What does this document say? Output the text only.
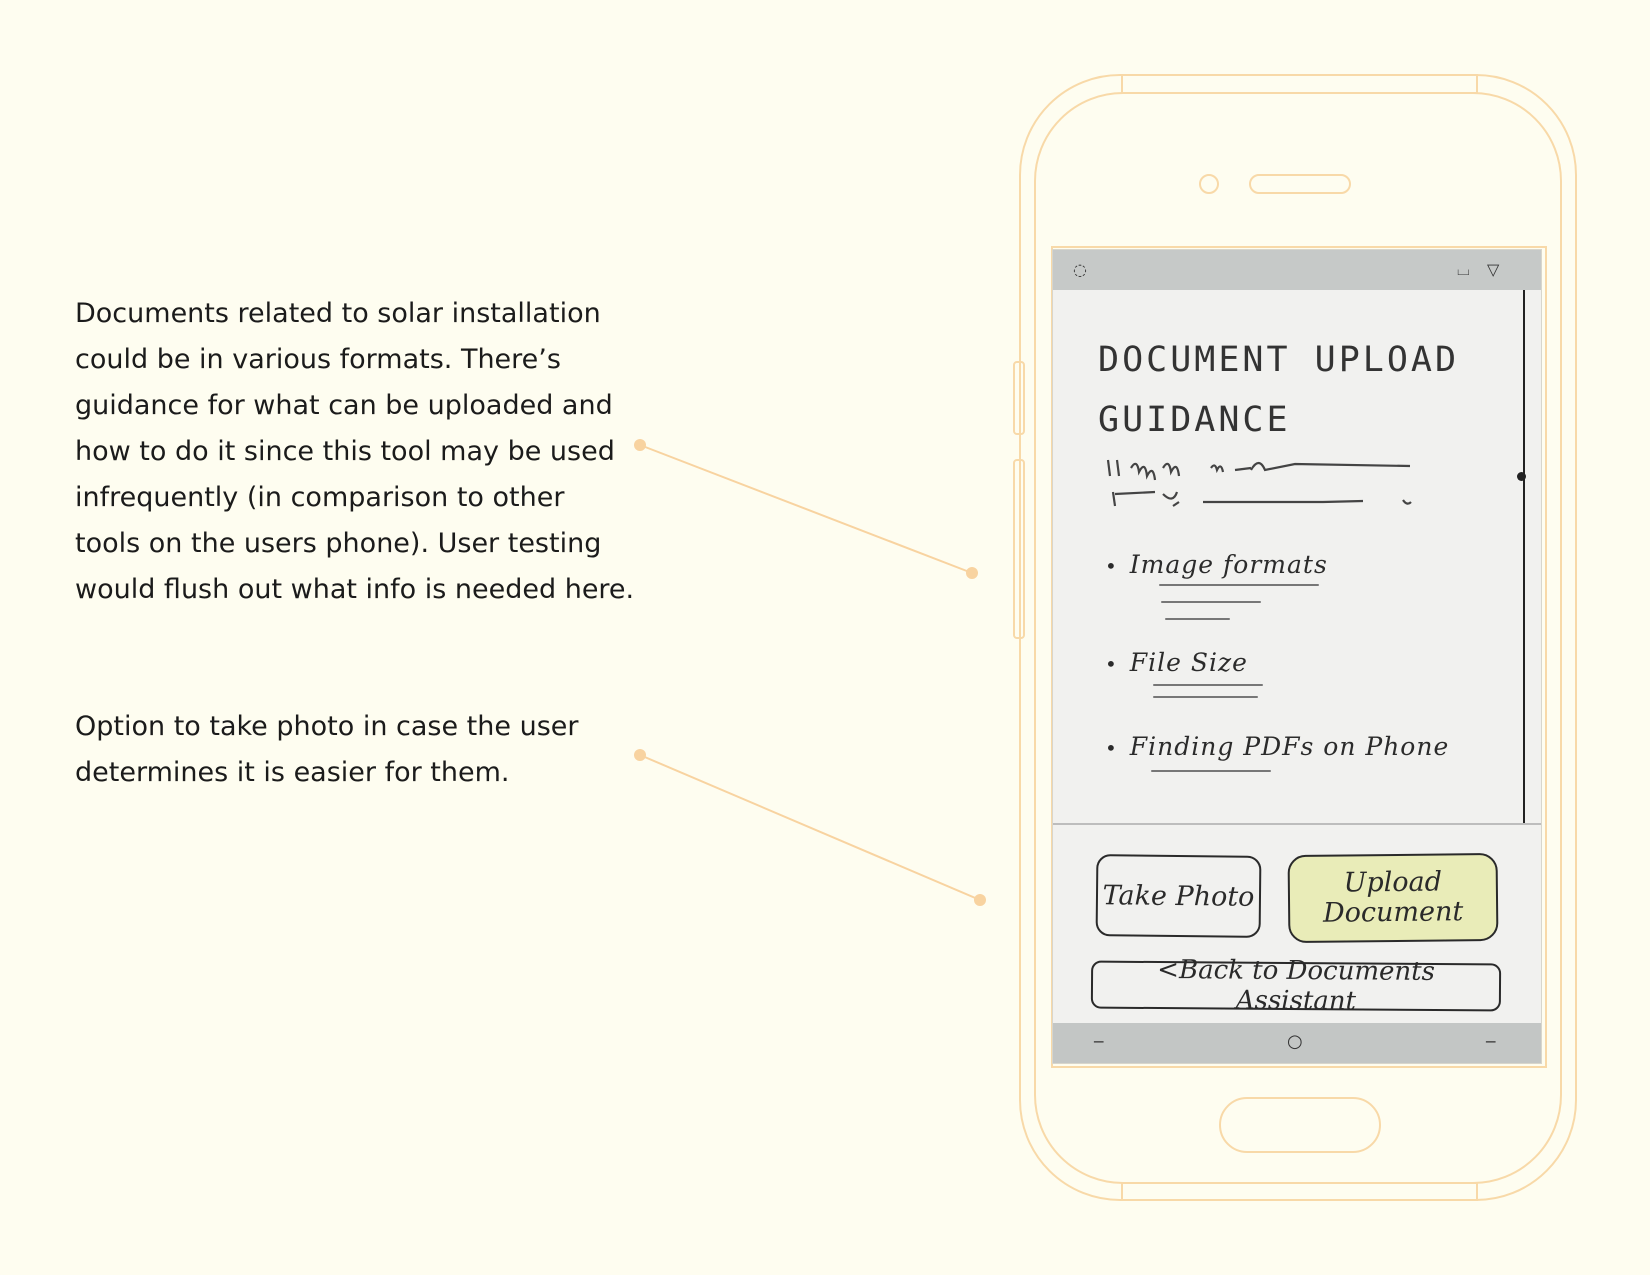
Documents related to solar installation could be in various formats. There’s guidance for what can be uploaded and how to do it since this tool may be used infrequently (in comparison to other tools on the users phone). User testing would flush out what info is needed here.

Option to take photo in case the user determines it is easier for them.

◌	⌴ ▽
DOCUMENT UPLOAD GUIDANCE
• Image formats
• File Size
• Finding PDFs on Phone
Take Photo	Upload
Document
<Back to Documents Assistant
‒	○	‒
